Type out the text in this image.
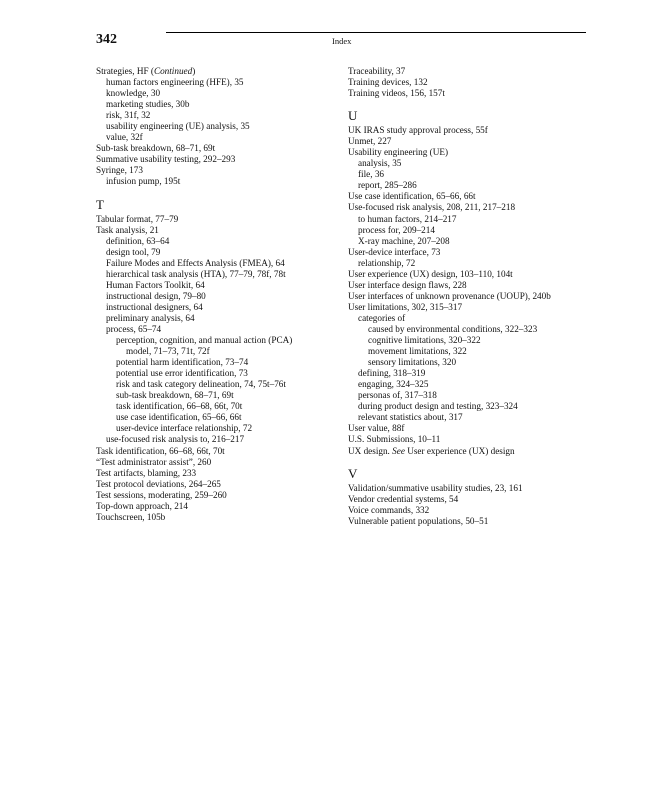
342	Index
Strategies, HF (Continued)
human factors engineering (HFE), 35
knowledge, 30
marketing studies, 30b
risk, 31f, 32
usability engineering (UE) analysis, 35
value, 32f
Sub-task breakdown, 68–71, 69t
Summative usability testing, 292–293
Syringe, 173
infusion pump, 195t
T
Tabular format, 77–79
Task analysis, 21
definition, 63–64
design tool, 79
Failure Modes and Effects Analysis (FMEA), 64
hierarchical task analysis (HTA), 77–79, 78f, 78t
Human Factors Toolkit, 64
instructional design, 79–80
instructional designers, 64
preliminary analysis, 64
process, 65–74
perception, cognition, and manual action (PCA)
model, 71–73, 71t, 72f
potential harm identification, 73–74
potential use error identification, 73
risk and task category delineation, 74, 75t–76t
sub-task breakdown, 68–71, 69t
task identification, 66–68, 66t, 70t
use case identification, 65–66, 66t
user-device interface relationship, 72
use-focused risk analysis to, 216–217
Task identification, 66–68, 66t, 70t
“Test administrator assist”, 260
Test artifacts, blaming, 233
Test protocol deviations, 264–265
Test sessions, moderating, 259–260
Top-down approach, 214
Touchscreen, 105b
Traceability, 37
Training devices, 132
Training videos, 156, 157t
U
UK IRAS study approval process, 55f
Unmet, 227
Usability engineering (UE)
analysis, 35
file, 36
report, 285–286
Use case identification, 65–66, 66t
Use-focused risk analysis, 208, 211, 217–218
to human factors, 214–217
process for, 209–214
X-ray machine, 207–208
User-device interface, 73
relationship, 72
User experience (UX) design, 103–110, 104t
User interface design flaws, 228
User interfaces of unknown provenance (UOUP), 240b
User limitations, 302, 315–317
categories of
caused by environmental conditions, 322–323
cognitive limitations, 320–322
movement limitations, 322
sensory limitations, 320
defining, 318–319
engaging, 324–325
personas of, 317–318
during product design and testing, 323–324
relevant statistics about, 317
User value, 88f
U.S. Submissions, 10–11
UX design. See User experience (UX) design
V
Validation/summative usability studies, 23, 161
Vendor credential systems, 54
Voice commands, 332
Vulnerable patient populations, 50–51
